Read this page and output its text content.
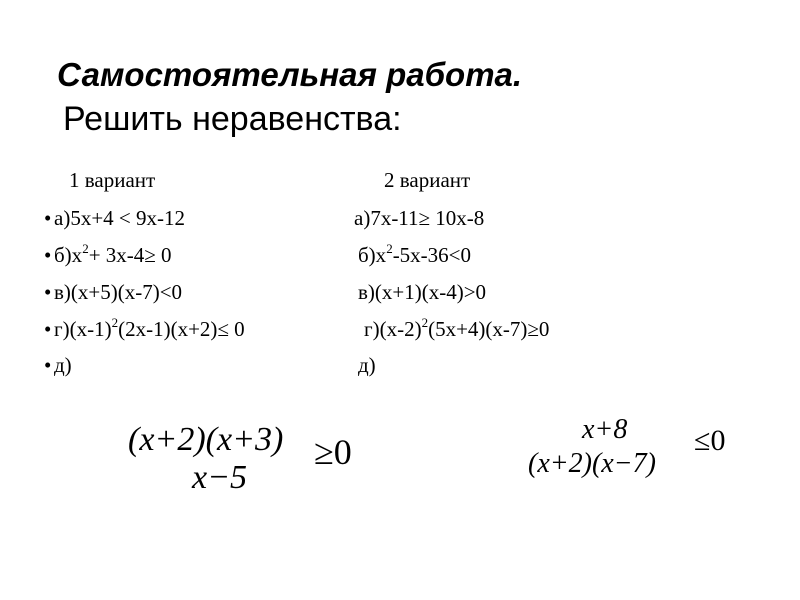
Самостоятельная работа.
Решить неравенства:
1 вариант
• а)5х+4 < 9х-12
• $б)х^2+ 3х-4\ge 0$
• в)(х+5)(х-7)<0
• $г)(х-1)^2(2х-1)(х+2)\le 0$
• д)
2 вариант
а)7х-11≥ 10х-8
$б)х^2-5х-36<0$
в)(х+1)(х-4)>0
$г)(х-2)^2(5х+4)(х-7)\ge 0$
д)
(x+2)(x+3) ≥0
x−5
x+8 ≤0
(x+2)(x−7)
